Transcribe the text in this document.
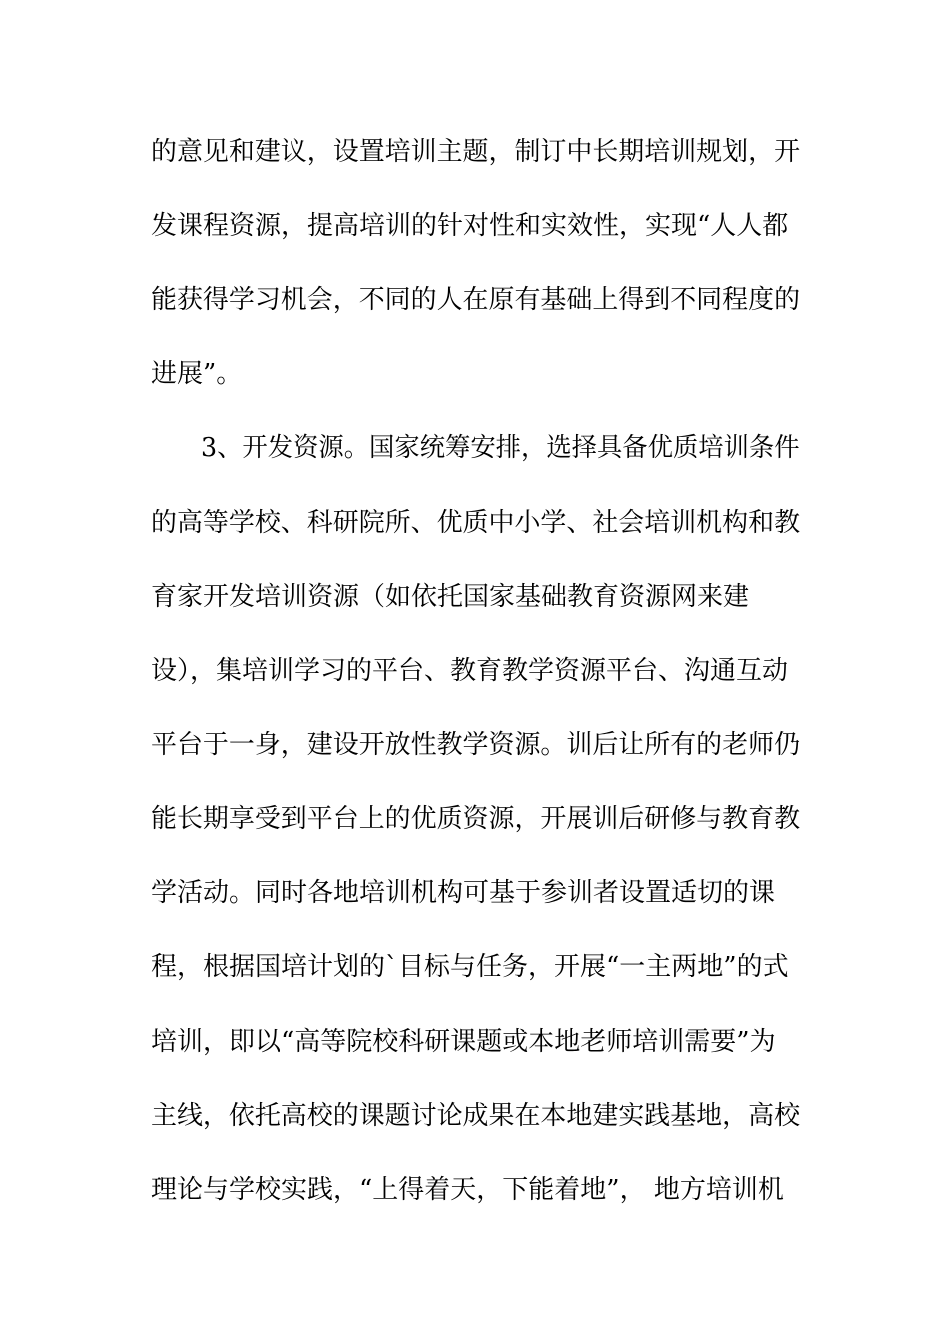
的意见和建议，设置培训主题，制订中长期培训规划，开
发课程资源，提高培训的针对性和实效性，实现“人人都
能获得学习机会，不同的人在原有基础上得到不同程度的
进展”。
3、开发资源。国家统筹安排，选择具备优质培训条件
的高等学校、科研院所、优质中小学、社会培训机构和教
育家开发培训资源（如依托国家基础教育资源网来建
设），集培训学习的平台、教育教学资源平台、沟通互动
平台于一身，建设开放性教学资源。训后让所有的老师仍
能长期享受到平台上的优质资源，开展训后研修与教育教
学活动。同时各地培训机构可基于参训者设置适切的课
程，根据国培计划的`目标与任务，开展“一主两地”的式
培训，即以“高等院校科研课题或本地老师培训需要”为
主线，依托高校的课题讨论成果在本地建实践基地，高校
理论与学校实践，“上得着天，下能着地”， 地方培训机
